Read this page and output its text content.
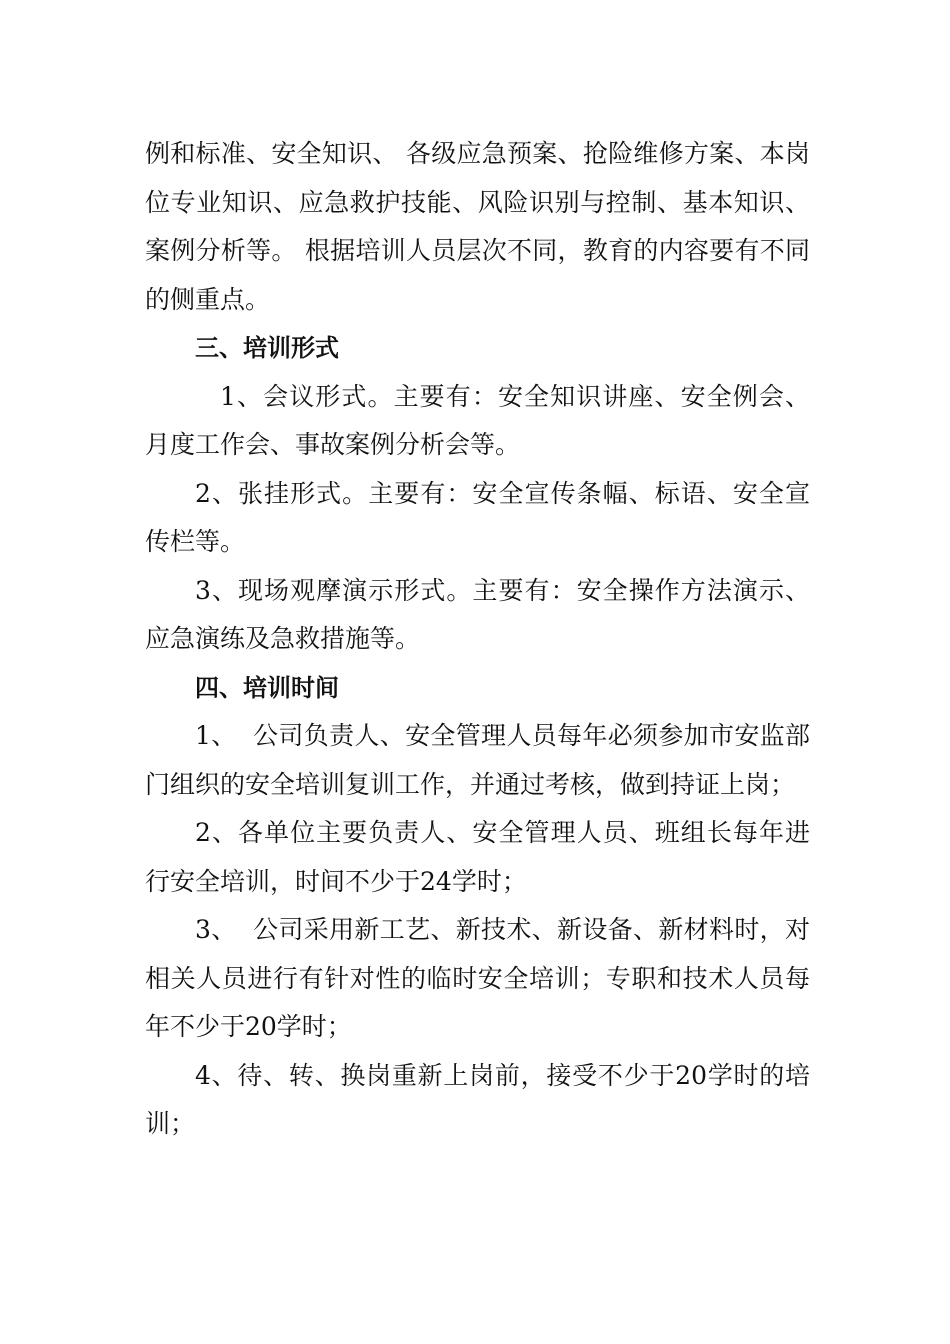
例和标准、安全知识、 各级应急预案、抢险维修方案、本岗位专业知识、应急救护技能、风险识别与控制、基本知识、案例分析等。 根据培训人员层次不同，教育的内容要有不同的侧重点。

三、培训形式

1、会议形式。主要有：安全知识讲座、安全例会、月度工作会、事故案例分析会等。

2、张挂形式。主要有：安全宣传条幅、标语、安全宣传栏等。

3、现场观摩演示形式。主要有：安全操作方法演示、应急演练及急救措施等。

四、培训时间

1、  公司负责人、安全管理人员每年必须参加市安监部门组织的安全培训复训工作，并通过考核，做到持证上岗；

2、各单位主要负责人、安全管理人员、班组长每年进行安全培训，时间不少于24学时；

3、  公司采用新工艺、新技术、新设备、新材料时，对相关人员进行有针对性的临时安全培训；专职和技术人员每年不少于20学时；

4、待、转、换岗重新上岗前，接受不少于20学时的培训；
